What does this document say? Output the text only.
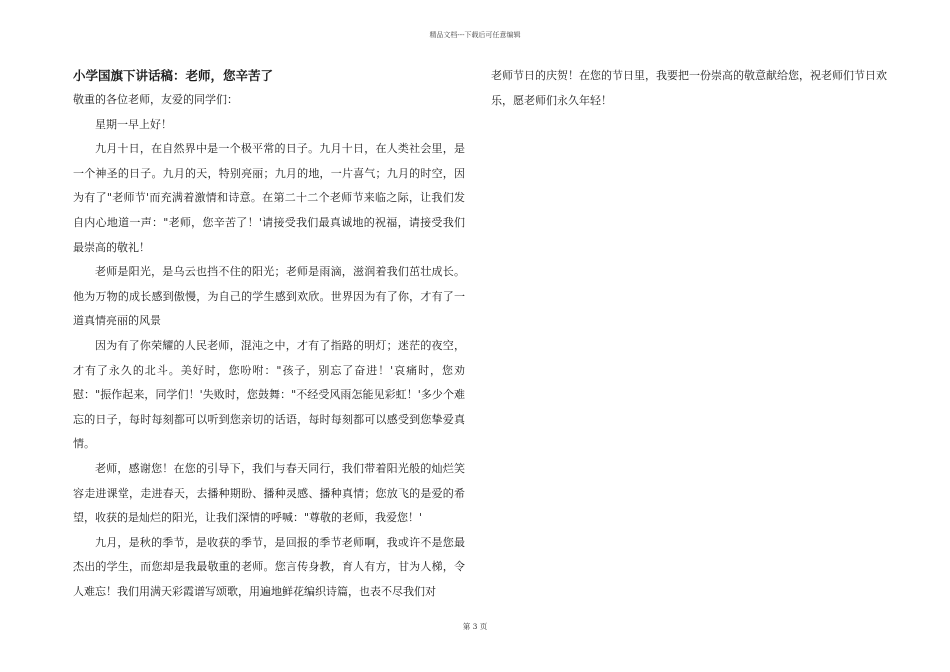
精品文档---下载后可任意编辑
小学国旗下讲话稿：老师，您辛苦了

敬重的各位老师，友爱的同学们：

星期一早上好！

九月十日，在自然界中是一个极平常的日子。九月十日，在人类社会里，是一个神圣的日子。九月的天，特别亮丽；九月的地，一片喜气；九月的时空，因为有了"老师节'而充满着激情和诗意。在第二十二个老师节来临之际，让我们发自内心地道一声："老师，您辛苦了！'请接受我们最真诚地的祝福，请接受我们最崇高的敬礼！

老师是阳光，是乌云也挡不住的阳光；老师是雨滴，滋润着我们茁壮成长。他为万物的成长感到傲慢，为自己的学生感到欢欣。世界因为有了你，才有了一道真情亮丽的风景

因为有了你荣耀的人民老师，混沌之中，才有了指路的明灯；迷茫的夜空，才有了永久的北斗。美好时，您吩咐："孩子，别忘了奋进！'哀痛时，您劝慰："振作起来，同学们！'失败时，您鼓舞："不经受风雨怎能见彩虹！'多少个难忘的日子，每时每刻都可以听到您亲切的话语，每时每刻都可以感受到您挚爱真情。

老师，感谢您！在您的引导下，我们与春天同行，我们带着阳光般的灿烂笑容走进课堂，走进春天，去播种期盼、播种灵感、播种真情；您放飞的是爱的希望，收获的是灿烂的阳光，让我们深情的呼喊："尊敬的老师，我爱您！'

九月，是秋的季节，是收获的季节，是回报的季节老师啊，我或许不是您最杰出的学生，而您却是我最敬重的老师。您言传身教，育人有方，甘为人梯，令人难忘！我们用满天彩霞谱写颂歌，用遍地鲜花编织诗篇，也表不尽我们对

老师节日的庆贺！在您的节日里，我要把一份崇高的敬意献给您，祝老师们节日欢乐，愿老师们永久年轻！

第 3 页
